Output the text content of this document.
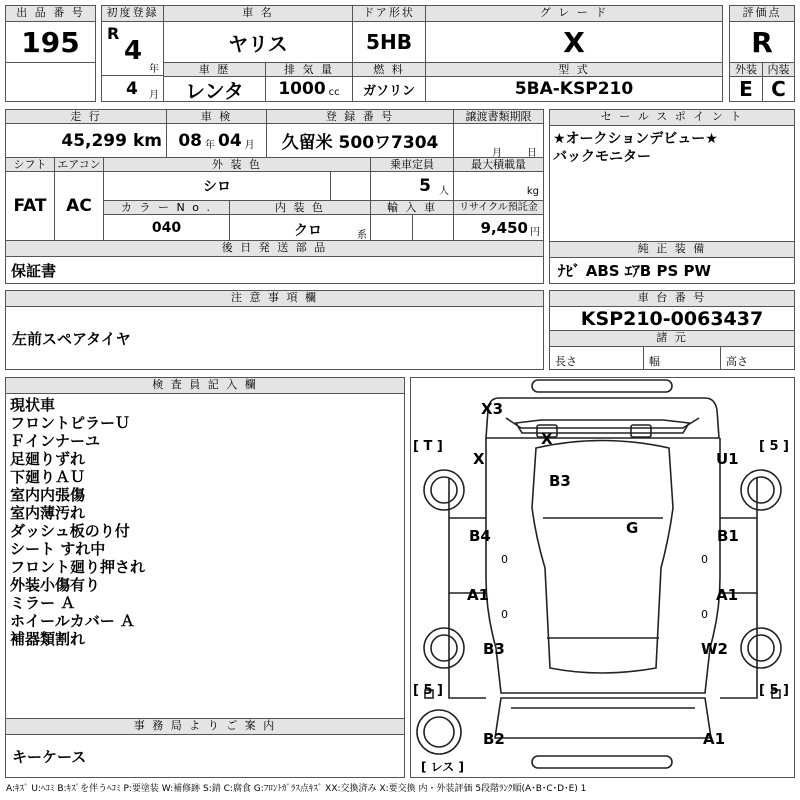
出 品 番 号
195
初度登録
R
4
年
4 月
車 名
ヤリス
ドア形状
5HB
グ レ ー ド
X
評価点
R
車 歴
レンタ
排 気 量
1000 cc
燃 料
ガソリン
型 式
5BA-KSP210
外装
E
内装
C
走 行
45,299 km
車 検
08 年 04 月
登 録 番 号
久留米 500ワ7304
譲渡書類期限
月	日
シフト
FAT
エアコン
AC
外 装 色
シロ
乗車定員
5 人
最大積載量
kg
カ ラ ー N o .
040
内 装 色
クロ	系
輸 入 車	リサイクル預託金
9,450 円
後 日 発 送 部 品
保証書
セ ー ル ス ポ イ ン ト
★オークションデビュー★
バックモニター
純 正 装 備
ﾅﾋﾞ ABS ｴｱB PS PW
注 意 事 項 欄
左前スペアタイヤ
車 台 番 号
KSP210-0063437
諸 元
長さ	幅	高さ
検 査 員 記 入 欄
現状車
フロントピラーＵ
Ｆインナーユ
足廻りずれ
下廻りＡＵ
室内内張傷
室内薄汚れ
ダッシュ板のり付
シート すれ中
フロント廻り押され
外装小傷有り
ミラー Ａ
ホイールカバー Ａ
補器類割れ
事 務 局 よ り ご 案 内
キーケース
[ T ]	[ 5 ]
[ 5 ]	[ 5 ]
[ レス ]
X3
X
X	U1
B3
G
B4	B1
A1	A1
B3	W2
B2	A1
0	0
0	0
A:ｷｽﾞ U:ﾍｺﾐ B:ｷｽﾞを伴うﾍｺﾐ P:要塗装 W:補修跡 S:錆 C:腐食 G:ﾌﾛﾝﾄｶﾞﾗｽ点ｷｽﾞ XX:交換済み X:要交換 内・外装評価 5段階ﾗﾝｸ順(A･B･C･D･E) 1
